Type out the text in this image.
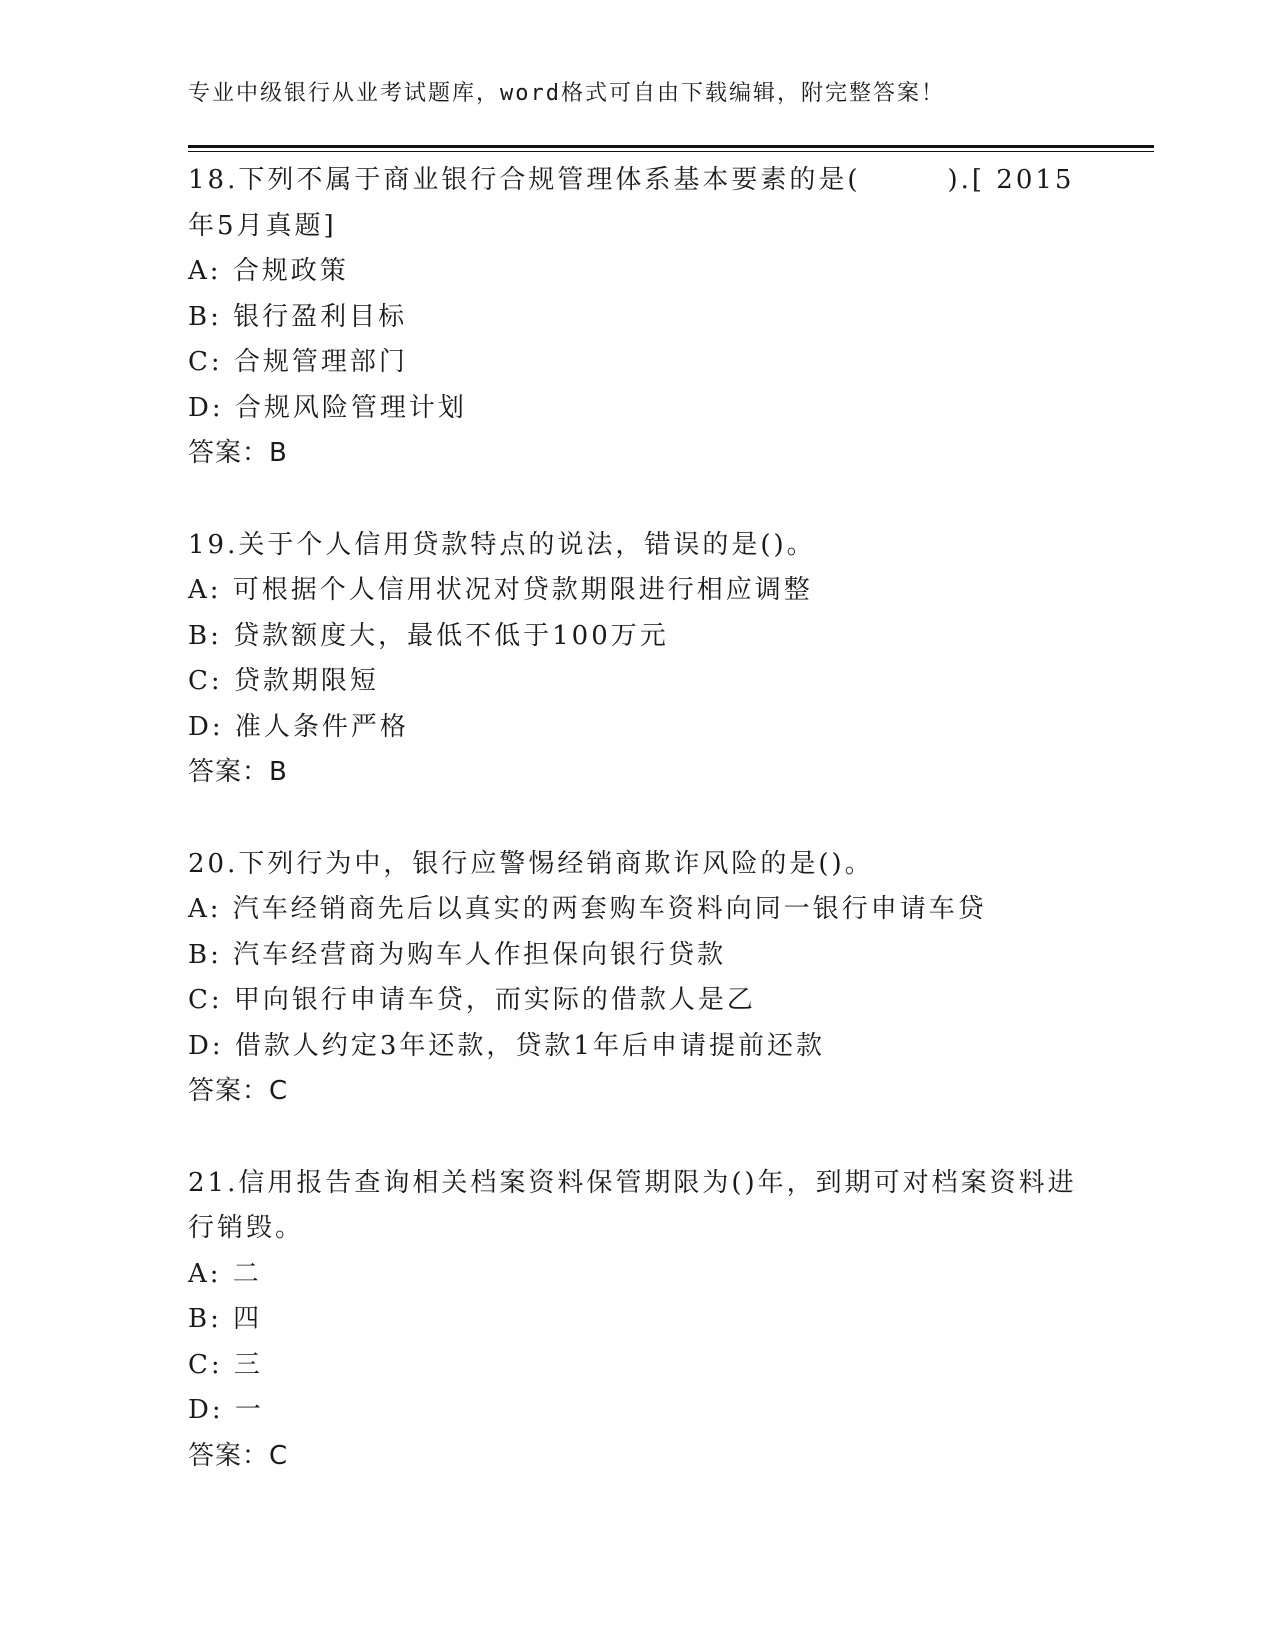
专业中级银行从业考试题库，word格式可自由下载编辑，附完整答案！
18.下列不属于商业银行合规管理体系基本要素的是(　　　).[ 2015
年5月真题]
A: 合规政策
B: 银行盈利目标
C: 合规管理部门
D: 合规风险管理计划
答案：B
19.关于个人信用贷款特点的说法，错误的是()。
A: 可根据个人信用状况对贷款期限进行相应调整
B: 贷款额度大，最低不低于100万元
C: 贷款期限短
D: 准人条件严格
答案：B
20.下列行为中，银行应警惕经销商欺诈风险的是()。
A: 汽车经销商先后以真实的两套购车资料向同一银行申请车贷
B: 汽车经营商为购车人作担保向银行贷款
C: 甲向银行申请车贷，而实际的借款人是乙
D: 借款人约定3年还款，贷款1年后申请提前还款
答案：C
21.信用报告查询相关档案资料保管期限为()年，到期可对档案资料进
行销毁。
A: 二
B: 四
C: 三
D: 一
答案：C
